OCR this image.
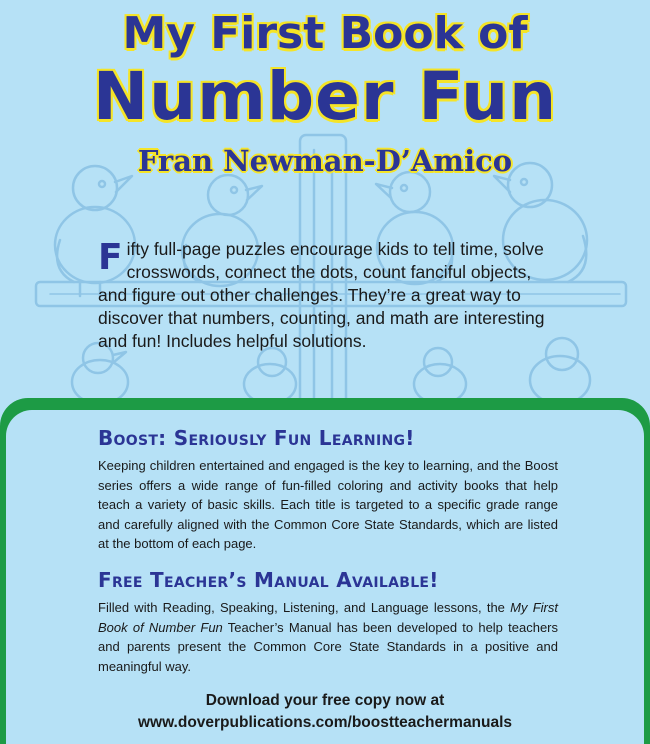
My First Book of
Number Fun
Fran Newman-D’Amico

Fifty full-page puzzles encourage kids to tell time, solve crosswords, connect the dots, count fanciful objects, and figure out other challenges. They’re a great way to discover that numbers, counting, and math are interesting and fun! Includes helpful solutions.

Boost: Seriously Fun Learning!

Keeping children entertained and engaged is the key to learning, and the Boost series offers a wide range of fun-filled coloring and activity books that help teach a variety of basic skills. Each title is targeted to a specific grade range and carefully aligned with the Common Core State Standards, which are listed at the bottom of each page.

Free Teacher’s Manual Available!

Filled with Reading, Speaking, Listening, and Language lessons, the My First Book of Number Fun Teacher’s Manual has been developed to help teachers and parents present the Common Core State Standards in a positive and meaningful way.

Download your free copy now at

www.doverpublications.com/boostteachermanuals
